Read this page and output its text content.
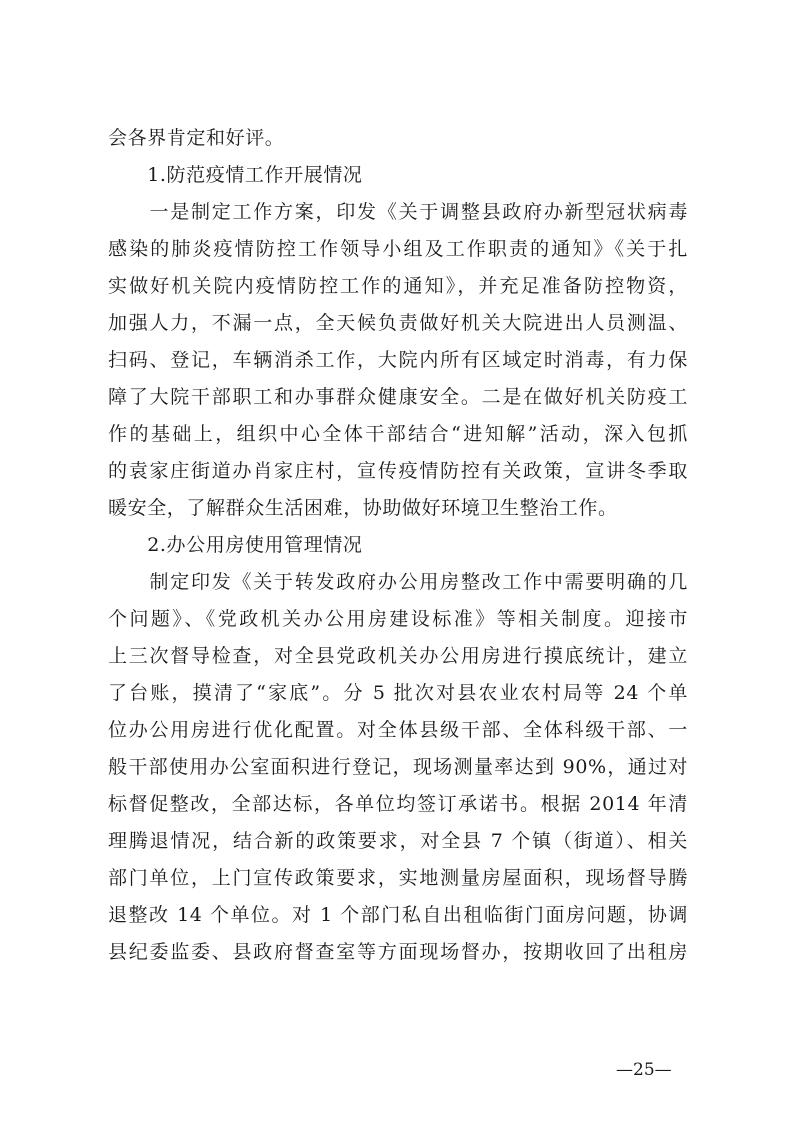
会各界肯定和好评。
　　1.防范疫情工作开展情况
　　一是制定工作方案，印发《关于调整县政府办新型冠状病毒
感染的肺炎疫情防控工作领导小组及工作职责的通知》《关于扎
实做好机关院内疫情防控工作的通知》，并充足准备防控物资，
加强人力，不漏一点，全天候负责做好机关大院进出人员测温、
扫码、登记，车辆消杀工作，大院内所有区域定时消毒，有力保
障了大院干部职工和办事群众健康安全。二是在做好机关防疫工
作的基础上，组织中心全体干部结合“进知解”活动，深入包抓
的袁家庄街道办肖家庄村，宣传疫情防控有关政策，宣讲冬季取
暖安全，了解群众生活困难，协助做好环境卫生整治工作。
　　2.办公用房使用管理情况
　　制定印发《关于转发政府办公用房整改工作中需要明确的几
个问题》、《党政机关办公用房建设标准》等相关制度。迎接市
上三次督导检查，对全县党政机关办公用房进行摸底统计，建立
了台账，摸清了“家底”。分 5 批次对县农业农村局等 24 个单
位办公用房进行优化配置。对全体县级干部、全体科级干部、一
般干部使用办公室面积进行登记，现场测量率达到 90%，通过对
标督促整改，全部达标，各单位均签订承诺书。根据 2014 年清
理腾退情况，结合新的政策要求，对全县 7 个镇（街道）、相关
部门单位，上门宣传政策要求，实地测量房屋面积，现场督导腾
退整改 14 个单位。对 1 个部门私自出租临街门面房问题，协调
县纪委监委、县政府督查室等方面现场督办，按期收回了出租房
—25—
